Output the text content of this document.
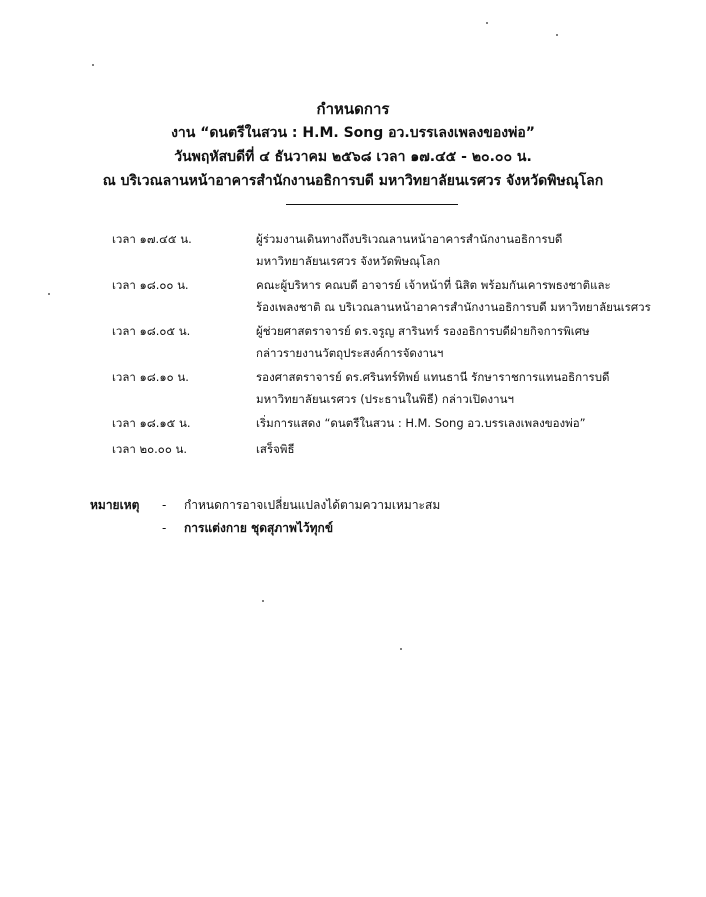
กำหนดการ
งาน “ดนตรีในสวน : H.M. Song อว.บรรเลงเพลงของพ่อ”
วันพฤหัสบดีที่ ๔ ธันวาคม ๒๕๖๘ เวลา ๑๗.๔๕ - ๒๐.๐๐ น.
ณ บริเวณลานหน้าอาคารสำนักงานอธิการบดี มหาวิทยาลัยนเรศวร จังหวัดพิษณุโลก
เวลา ๑๗.๔๕ น.	ผู้ร่วมงานเดินทางถึงบริเวณลานหน้าอาคารสำนักงานอธิการบดี
มหาวิทยาลัยนเรศวร จังหวัดพิษณุโลก
เวลา ๑๘.๐๐ น.	คณะผู้บริหาร คณบดี อาจารย์ เจ้าหน้าที่ นิสิต พร้อมกันเคารพธงชาติและ
ร้องเพลงชาติ ณ บริเวณลานหน้าอาคารสำนักงานอธิการบดี มหาวิทยาลัยนเรศวร
เวลา ๑๘.๐๕ น.	ผู้ช่วยศาสตราจารย์ ดร.จรูญ สารินทร์ รองอธิการบดีฝ่ายกิจการพิเศษ
กล่าวรายงานวัตถุประสงค์การจัดงานฯ
เวลา ๑๘.๑๐ น.	รองศาสตราจารย์ ดร.ศรินทร์ทิพย์ แทนธานี รักษาราชการแทนอธิการบดี
มหาวิทยาลัยนเรศวร (ประธานในพิธี) กล่าวเปิดงานฯ
เวลา ๑๘.๑๕ น.	เริ่มการแสดง “ดนตรีในสวน : H.M. Song อว.บรรเลงเพลงของพ่อ”
เวลา ๒๐.๐๐ น.	เสร็จพิธี
หมายเหตุ - กำหนดการอาจเปลี่ยนแปลงได้ตามความเหมาะสม
- การแต่งกาย ชุดสุภาพไว้ทุกข์
